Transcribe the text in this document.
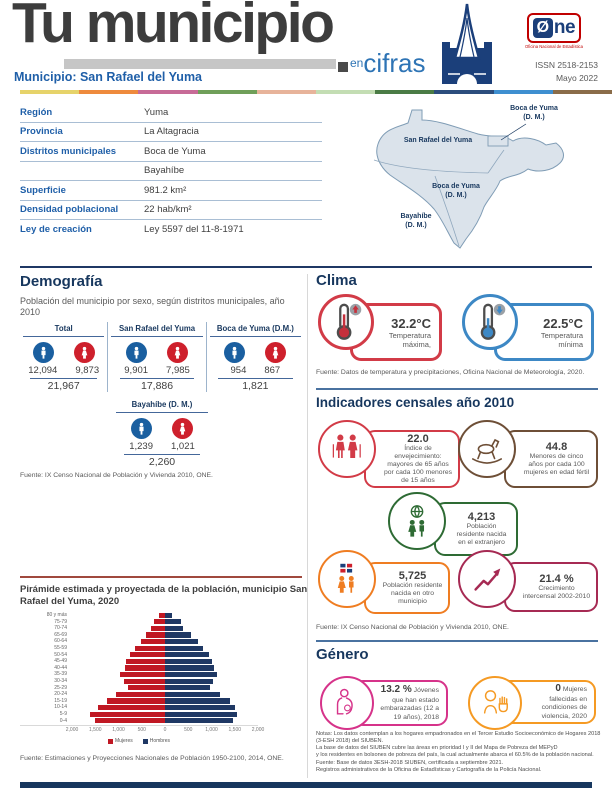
Tu municipio
en cifras
Ø ne
Oficina Nacional de Estadística
ISSN 2518-2153
Mayo 2022
Municipio: San Rafael del Yuma
Región	Yuma
Provincia	La Altagracia
Distritos municipales	Boca de Yuma
Bayahíbe
Superficie	981.2 km²
Densidad poblacional	22 hab/km²
Ley de creación	Ley 5597 del 11-8-1971
Boca de Yuma
(D. M.)
San Rafael del Yuma
Boca de Yuma
(D. M.)
Bayahíbe
(D. M.)
Demografía
Población del municipio por sexo, según distritos municipales, año 2010
Total
12,094 9,873
21,967
San Rafael del Yuma
9,901 7,985
17,886
Boca de Yuma (D.M.)
954 867
1,821
Bayahíbe (D. M.)
1,239 1,021
2,260
Fuente: IX Censo Nacional de Población y Vivienda 2010, ONE.
Pirámide estimada y proyectada de la población, municipio San Rafael del Yuma, 2020
80 y más
75-79
70-74
65-69
60-64
55-59
50-54
45-49
40-44
35-39
30-34
25-29
20-24
15-19
10-14
5-9
0-4
2,000 1,500 1,000	500	0	500	1,000 1,500 2,000
Mujeres	Hombres
Fuente: Estimaciones y Proyecciones Nacionales de Población 1950-2100, 2014, ONE.
Clima
32.2°C
Temperatura máxima,
22.5°C
Temperatura mínima
Fuente: Datos de temperatura y precipitaciones, Oficina Nacional de Meteorología, 2020.
Indicadores censales año 2010
22.0
Índice de envejecimiento: mayores de 65 años por cada 100 menores de 15 años
44.8
Menores de cinco años por cada 100 mujeres en edad fértil
4,213
Población residente nacida en el extranjero
5,725
Población residente nacida en otro municipio
21.4 %
Crecimiento intercensal 2002-2010
Fuente: IX Censo Nacional de Población y Vivienda 2010, ONE.
Género
13.2 % Jóvenes que han estado embarazadas (12 a 19 años), 2018
0 Mujeres fallecidas en condiciones de violencia, 2020
Notas: Los datos contemplan a los hogares empadronados en el Tercer Estudio Socioeconómico de Hogares 2018
(3-ESH 2018) del SIUBEN.
La base de datos del SIUBEN cubre las áreas en prioridad I y II del Mapa de Pobreza del MEPyD
y los residentes en bolsones de pobreza del país, la cual actualmente abarca el 60.5% de la población nacional.
Fuente: Base de datos 3ESH-2018 SIUBEN, certificada a septiembre 2021.
Registros administrativos de la Oficina de Estadísticas y Cartografía de la Policía Nacional.
